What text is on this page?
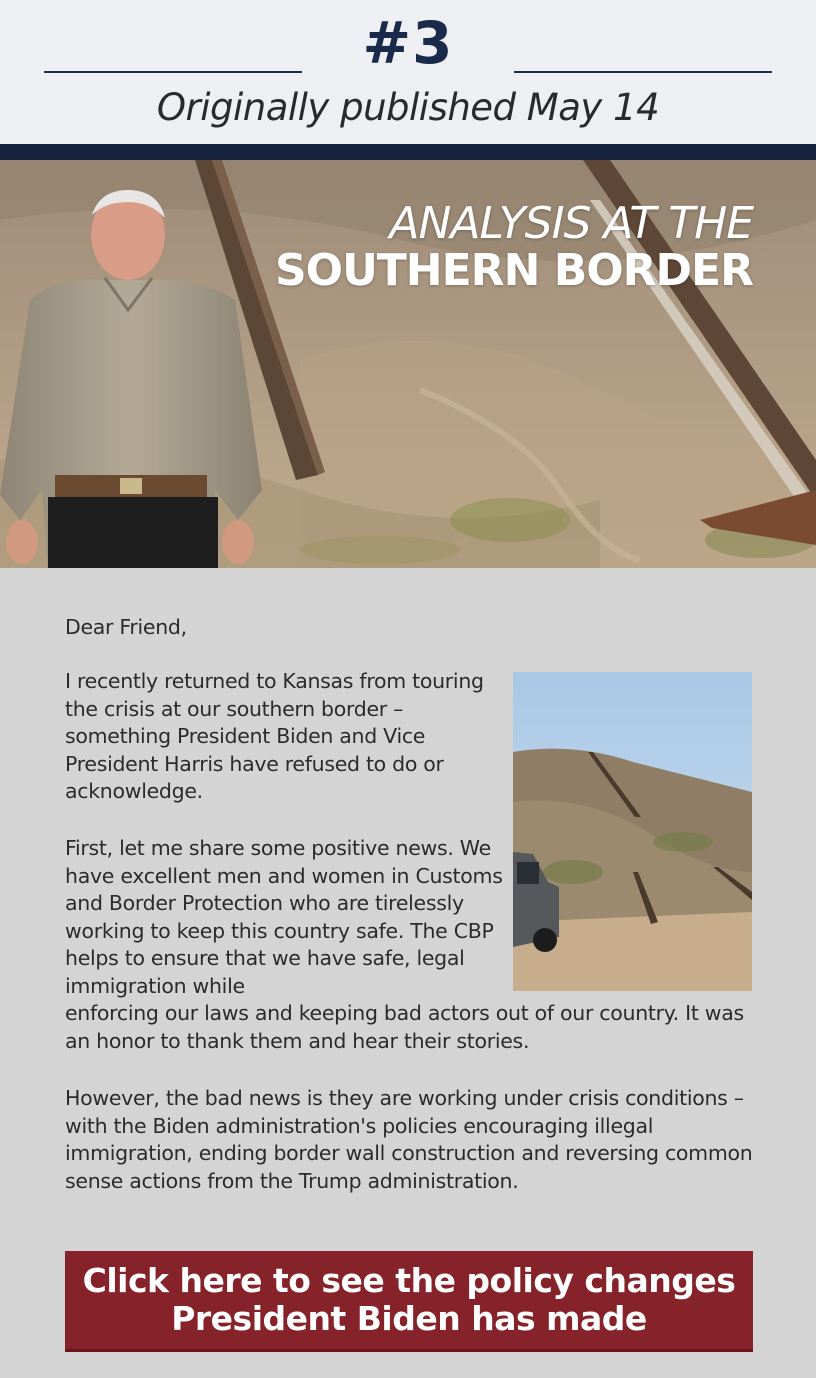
#3
Originally published May 14
ANALYSIS AT THE
SOUTHERN BORDER

Dear Friend,

I recently returned to Kansas from touring the crisis at our southern border – something President Biden and Vice President Harris have refused to do or acknowledge.

First, let me share some positive news. We have excellent men and women in Customs and Border Protection who are tirelessly working to keep this country safe. The CBP helps to ensure that we have safe, legal immigration while
enforcing our laws and keeping bad actors out of our country. It was an honor to thank them and hear their stories.

However, the bad news is they are working under crisis conditions – with the Biden administration's policies encouraging illegal immigration, ending border wall construction and reversing common sense actions from the Trump administration.

Click here to see the policy changes
President Biden has made
